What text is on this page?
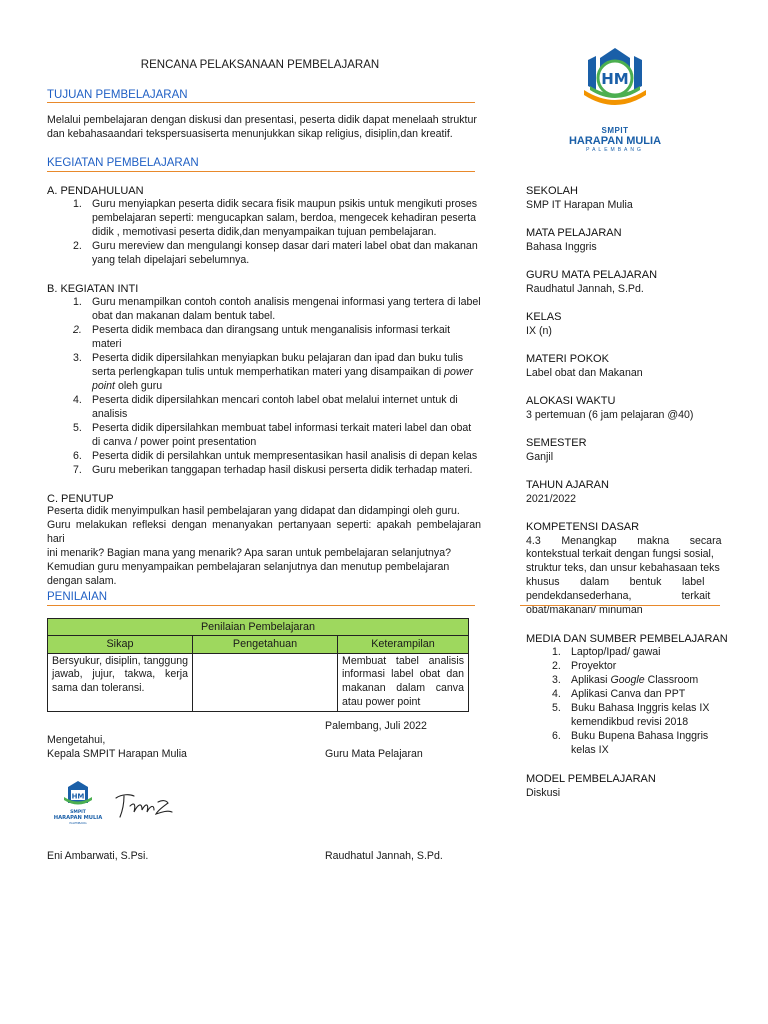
RENCANA PELAKSANAAN PEMBELAJARAN
TUJUAN PEMBELAJARAN
Melalui pembelajaran dengan diskusi dan presentasi, peserta didik dapat menelaah struktur
dan kebahasaandari tekspersuasiserta menunjukkan sikap religius, disiplin,dan kreatif.
KEGIATAN PEMBELAJARAN
A. PENDAHULUAN
1. Guru menyiapkan peserta didik secara fisik maupun psikis untuk mengikuti proses
pembelajaran seperti: mengucapkan salam, berdoa, mengecek kehadiran peserta
didik , memotivasi peserta didik,dan menyampaikan tujuan pembelajaran.
2. Guru mereview dan mengulangi konsep dasar dari materi label obat dan makanan
yang telah dipelajari sebelumnya.
B. KEGIATAN INTI
1. Guru menampilkan contoh contoh analisis mengenai informasi yang tertera di label
obat dan makanan dalam bentuk tabel.
2. Peserta didik membaca dan dirangsang untuk menganalisis informasi terkait
materi
3. Peserta didik dipersilahkan menyiapkan buku pelajaran dan ipad dan buku tulis
serta perlengkapan tulis untuk memperhatikan materi yang disampaikan di power
point oleh guru
4. Peserta didik dipersilahkan mencari contoh label obat melalui internet untuk di
analisis
5. Peserta didik dipersilahkan membuat tabel informasi terkait materi label dan obat
di canva / power point presentation
6. Peserta didik di persilahkan untuk mempresentasikan hasil analisis di depan kelas
7. Guru meberikan tanggapan terhadap hasil diskusi perserta didik terhadap materi.
C. PENUTUP
Peserta didik menyimpulkan hasil pembelajaran yang didapat dan didampingi oleh guru.
Guru melakukan refleksi dengan menanyakan pertanyaan seperti: apakah pembelajaran hari
ini menarik? Bagian mana yang menarik? Apa saran untuk pembelajaran selanjutnya?
Kemudian guru menyampaikan pembelajaran selanjutnya dan menutup pembelajaran
dengan salam.
PENILAIAN
Penilaian Pembelajaran		
Sikap	Pengetahuan	Keterampilan
Bersyukur, disiplin, tanggung jawab, jujur, takwa, kerja sama dan toleransi.		Membuat tabel analisis informasi label obat dan makanan dalam canva atau power point
Palembang, Juli 2022
Mengetahui,
Kepala SMPIT Harapan Mulia	Guru Mata Pelajaran
HM
SMPIT
HARAPAN MULIA
PALEMBANG
Eni Ambarwati, S.Psi.	Raudhatul Jannah, S.Pd.
HM
SMPIT
HARAPAN MULIA
PALEMBANG
SEKOLAH
SMP IT Harapan Mulia
MATA PELAJARAN
Bahasa Inggris
GURU MATA PELAJARAN
Raudhatul Jannah, S.Pd.
KELAS
IX (n)
MATERI POKOK
Label obat dan Makanan
ALOKASI WAKTU
3 pertemuan (6 jam pelajaran @40)
SEMESTER
Ganjil
TAHUN AJARAN
2021/2022
KOMPETENSI DASAR
4.3       Menangkap       makna       secara
kontekstual terkait dengan fungsi sosial,
struktur teks, dan unsur kebahasaan teks
khusus       dalam       bentuk       label
pendekdansederhana,                 terkait
obat/makanan/ minuman
MEDIA DAN SUMBER PEMBELAJARAN
1. Laptop/Ipad/ gawai
2. Proyektor
3. Aplikasi Google Classroom
4. Aplikasi Canva dan PPT
5. Buku Bahasa Inggris kelas IX
kemendikbud revisi 2018
6. Buku Bupena Bahasa Inggris
kelas IX
MODEL PEMBELAJARAN
Diskusi
